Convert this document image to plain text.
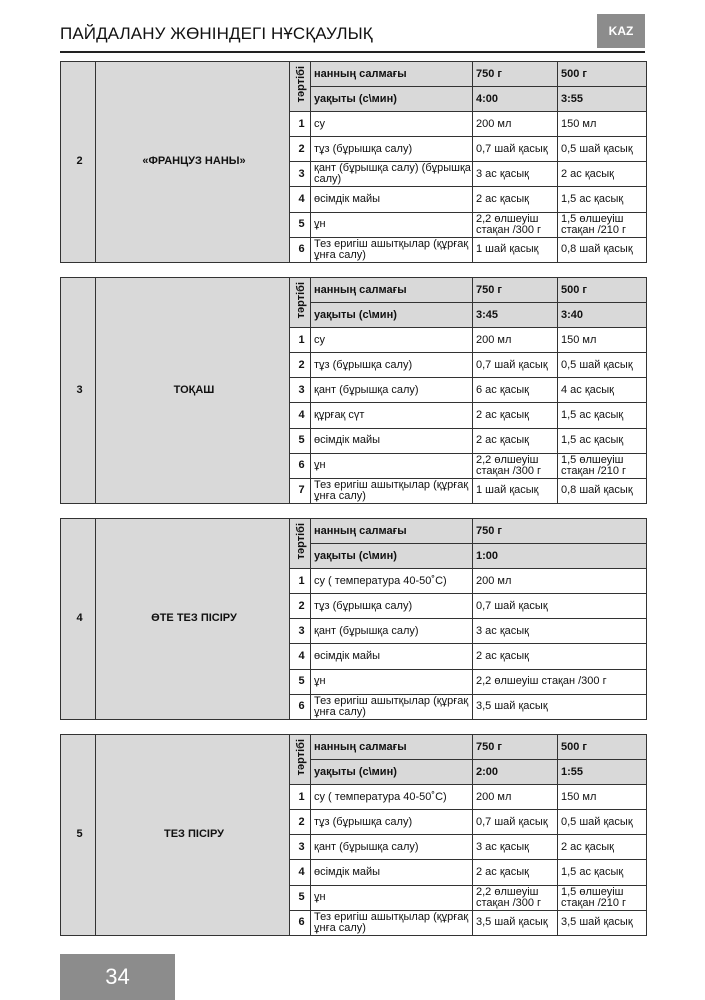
ПАЙДАЛАНУ ЖӨНІНДЕГІ НҰСҚАУЛЫҚ	KAZ
2	«ФРАНЦУЗ НАНЫ»	тәртібі	нанның салмағы	750 г	500 г
			уақыты (с\мин)	4:00	3:55
		1	су	200 мл	150 мл
		2	тұз (бұрышқа салу)	0,7 шай қасық	0,5 шай қасық
		3	қант (бұрышқа салу) (бұрышқа салу)	3 ас қасық	2 ас қасық
		4	өсімдік майы	2 ас қасық	1,5 ас қасық
		5	ұн	2,2 өлшеуіш стақан /300 г	1,5 өлшеуіш стақан /210 г
		6	Тез еригіш ашытқылар (құрғақ ұнға салу)	1 шай қасық	0,8 шай қасық
3	ТОҚАШ	тәртібі	нанның салмағы	750 г	500 г
			уақыты (с\мин)	3:45	3:40
		1	су	200 мл	150 мл
		2	тұз (бұрышқа салу)	0,7 шай қасық	0,5 шай қасық
		3	қант (бұрышқа салу)	6 ас қасық	4 ас қасық
		4	құрғақ сүт	2 ас қасық	1,5 ас қасық
		5	өсімдік майы	2 ас қасық	1,5 ас қасық
		6	ұн	2,2 өлшеуіш стақан /300 г	1,5 өлшеуіш стақан /210 г
		7	Тез еригіш ашытқылар (құрғақ ұнға салу)	1 шай қасық	0,8 шай қасық
4	ӨТЕ ТЕЗ ПІСІРУ	тәртібі	нанның салмағы	750 г
			уақыты (с\мин)	1:00
		1	су ( температура 40-50˚С)	200 мл
		2	тұз (бұрышқа салу)	0,7 шай қасық
		3	қант (бұрышқа салу)	3 ас қасық
		4	өсімдік майы	2 ас қасық
		5	ұн	2,2 өлшеуіш стақан /300 г
		6	Тез еригіш ашытқылар (құрғақ ұнға салу)	3,5 шай қасық
5	ТЕЗ ПІСІРУ	тәртібі	нанның салмағы	750 г	500 г
			уақыты (с\мин)	2:00	1:55
		1	су ( температура 40-50˚С)	200 мл	150 мл
		2	тұз (бұрышқа салу)	0,7 шай қасық	0,5 шай қасық
		3	қант (бұрышқа салу)	3 ас қасық	2 ас қасық
		4	өсімдік майы	2 ас қасық	1,5 ас қасық
		5	ұн	2,2 өлшеуіш стақан /300 г	1,5 өлшеуіш стақан /210 г
		6	Тез еригіш ашытқылар (құрғақ ұнға салу)	3,5 шай қасық	3,5 шай қасық
34
